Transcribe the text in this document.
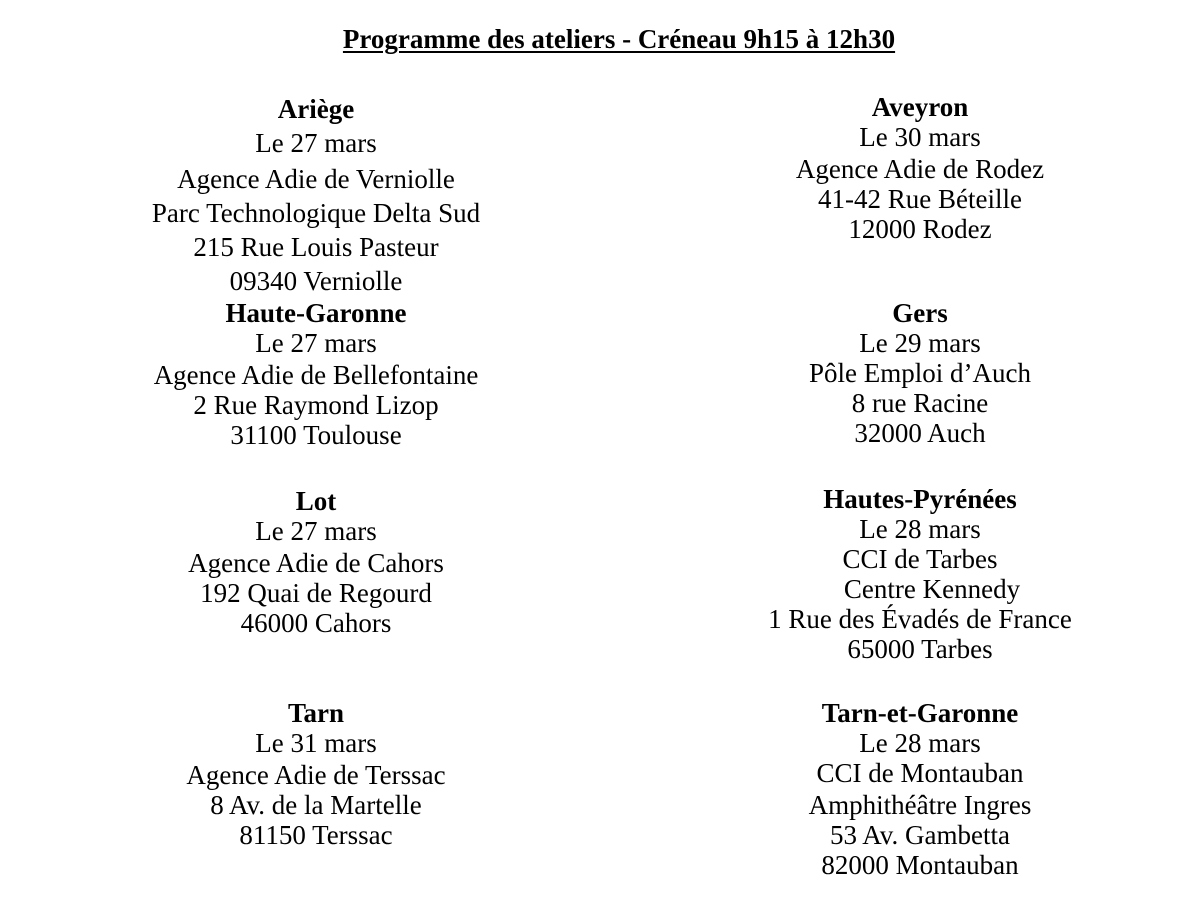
Programme des ateliers - Créneau 9h15 à 12h30
Ariège
Le 27 mars
Agence Adie de Verniolle
Parc Technologique Delta Sud
215 Rue Louis Pasteur
09340 Verniolle
Haute-Garonne
Le 27 mars
Agence Adie de Bellefontaine
2 Rue Raymond Lizop
31100 Toulouse
Lot
Le 27 mars
Agence Adie de Cahors
192 Quai de Regourd
46000 Cahors
Tarn
Le 31 mars
Agence Adie de Terssac
8 Av. de la Martelle
81150 Terssac
Aveyron
Le 30 mars
Agence Adie de Rodez
41-42 Rue Béteille
12000 Rodez
Gers
Le 29 mars
Pôle Emploi d’Auch
8 rue Racine
32000 Auch
Hautes-Pyrénées
Le 28 mars
CCI de Tarbes
Centre Kennedy
1 Rue des Évadés de France
65000 Tarbes
Tarn-et-Garonne
Le 28 mars
CCI de Montauban
Amphithéâtre Ingres
53 Av. Gambetta
82000 Montauban
